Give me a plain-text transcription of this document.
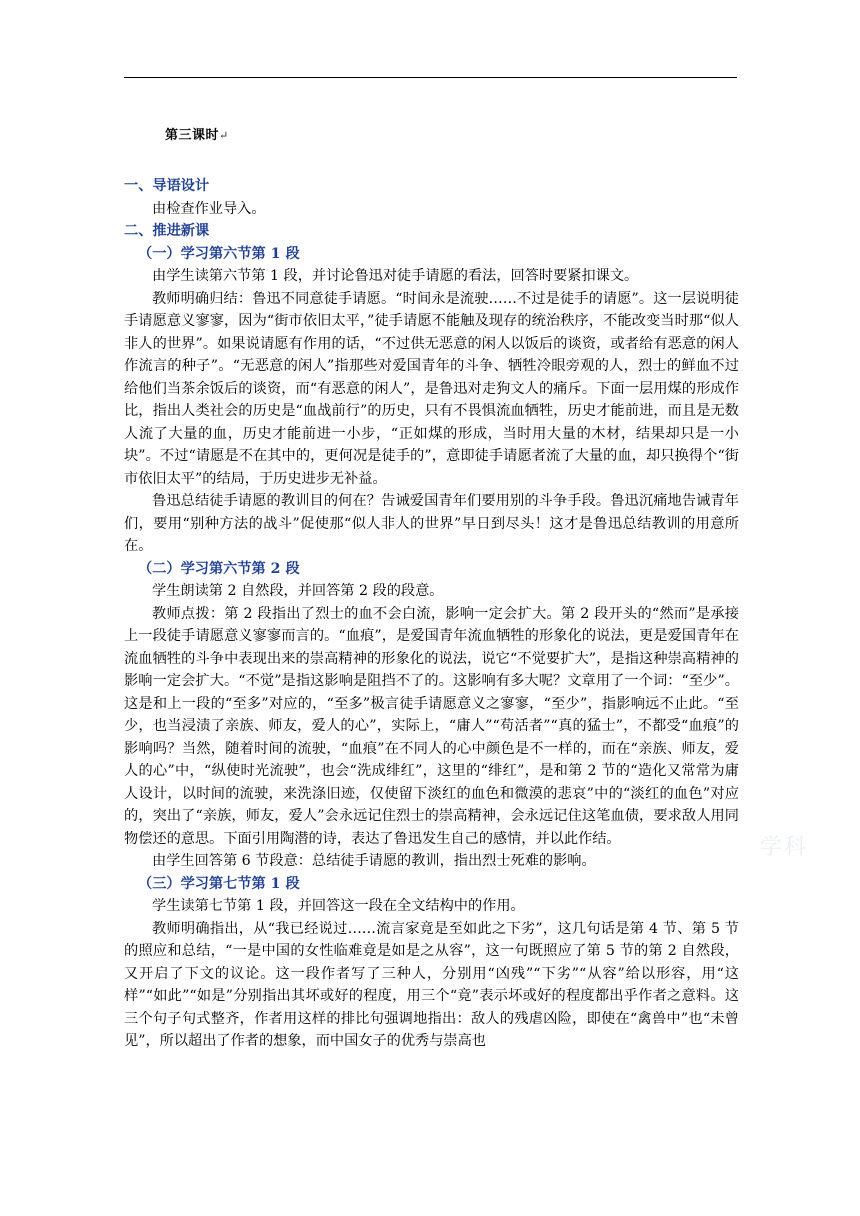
第三课时↵

一、导语设计

由检查作业导入。

二、推进新课

（一）学习第六节第 1 段

由学生读第六节第 1 段，并讨论鲁迅对徒手请愿的看法，回答时要紧扣课文。

教师明确归结：鲁迅不同意徒手请愿。“时间永是流驶……不过是徒手的请愿”。这一层说明徒手请愿意义寥寥，因为“街市依旧太平，”徒手请愿不能触及现存的统治秩序，不能改变当时那“似人非人的世界”。如果说请愿有作用的话，“不过供无恶意的闲人以饭后的谈资，或者给有恶意的闲人作流言的种子”。“无恶意的闲人”指那些对爱国青年的斗争、牺牲冷眼旁观的人，烈士的鲜血不过给他们当茶余饭后的谈资，而“有恶意的闲人”，是鲁迅对走狗文人的痛斥。下面一层用煤的形成作比，指出人类社会的历史是“血战前行”的历史，只有不畏惧流血牺牲，历史才能前进，而且是无数人流了大量的血，历史才能前进一小步，“正如煤的形成，当时用大量的木材，结果却只是一小块”。不过“请愿是不在其中的，更何况是徒手的”，意即徒手请愿者流了大量的血，却只换得个“街市依旧太平”的结局，于历史进步无补益。

鲁迅总结徒手请愿的教训目的何在？告诫爱国青年们要用别的斗争手段。鲁迅沉痛地告诫青年们，要用“别种方法的战斗”促使那“似人非人的世界”早日到尽头！这才是鲁迅总结教训的用意所在。

（二）学习第六节第 2 段

学生朗读第 2 自然段，并回答第 2 段的段意。

教师点拨：第 2 段指出了烈士的血不会白流，影响一定会扩大。第 2 段开头的“然而”是承接上一段徒手请愿意义寥寥而言的。“血痕”，是爱国青年流血牺牲的形象化的说法，更是爱国青年在流血牺牲的斗争中表现出来的崇高精神的形象化的说法，说它“不觉要扩大”，是指这种崇高精神的影响一定会扩大。“不觉”是指这影响是阻挡不了的。这影响有多大呢？文章用了一个词：“至少”。这是和上一段的“至多”对应的，“至多”极言徒手请愿意义之寥寥，“至少”，指影响远不止此。“至少，也当浸渍了亲族、师友，爱人的心”，实际上，“庸人”“苟活者”“真的猛士”，不都受“血痕”的影响吗？当然，随着时间的流驶，“血痕”在不同人的心中颜色是不一样的，而在“亲族、师友，爱人的心”中，“纵使时光流驶”，也会“洗成绯红”，这里的“绯红”，是和第 2 节的“造化又常常为庸人设计，以时间的流驶，来洗涤旧迹，仅使留下淡红的血色和微漠的悲哀”中的“淡红的血色”对应的，突出了“亲族，师友，爱人”会永远记住烈士的崇高精神，会永远记住这笔血债，要求敌人用同物偿还的意思。下面引用陶潜的诗，表达了鲁迅发生自己的感情，并以此作结。

由学生回答第 6 节段意：总结徒手请愿的教训，指出烈士死难的影响。

（三）学习第七节第 1 段

学生读第七节第 1 段，并回答这一段在全文结构中的作用。

教师明确指出，从“我已经说过……流言家竟是至如此之下劣”，这几句话是第 4 节、第 5 节的照应和总结，“一是中国的女性临难竟是如是之从容”，这一句既照应了第 5 节的第 2 自然段，又开启了下文的议论。这一段作者写了三种人，分别用“凶残”“下劣”“从容”给以形容，用“这样”“如此”“如是”分别指出其坏或好的程度，用三个“竟”表示坏或好的程度都出乎作者之意料。这三个句子句式整齐，作者用这样的排比句强调地指出：敌人的残虐凶险，即使在“禽兽中”也“未曾见”，所以超出了作者的想象，而中国女子的优秀与崇高也

学科
